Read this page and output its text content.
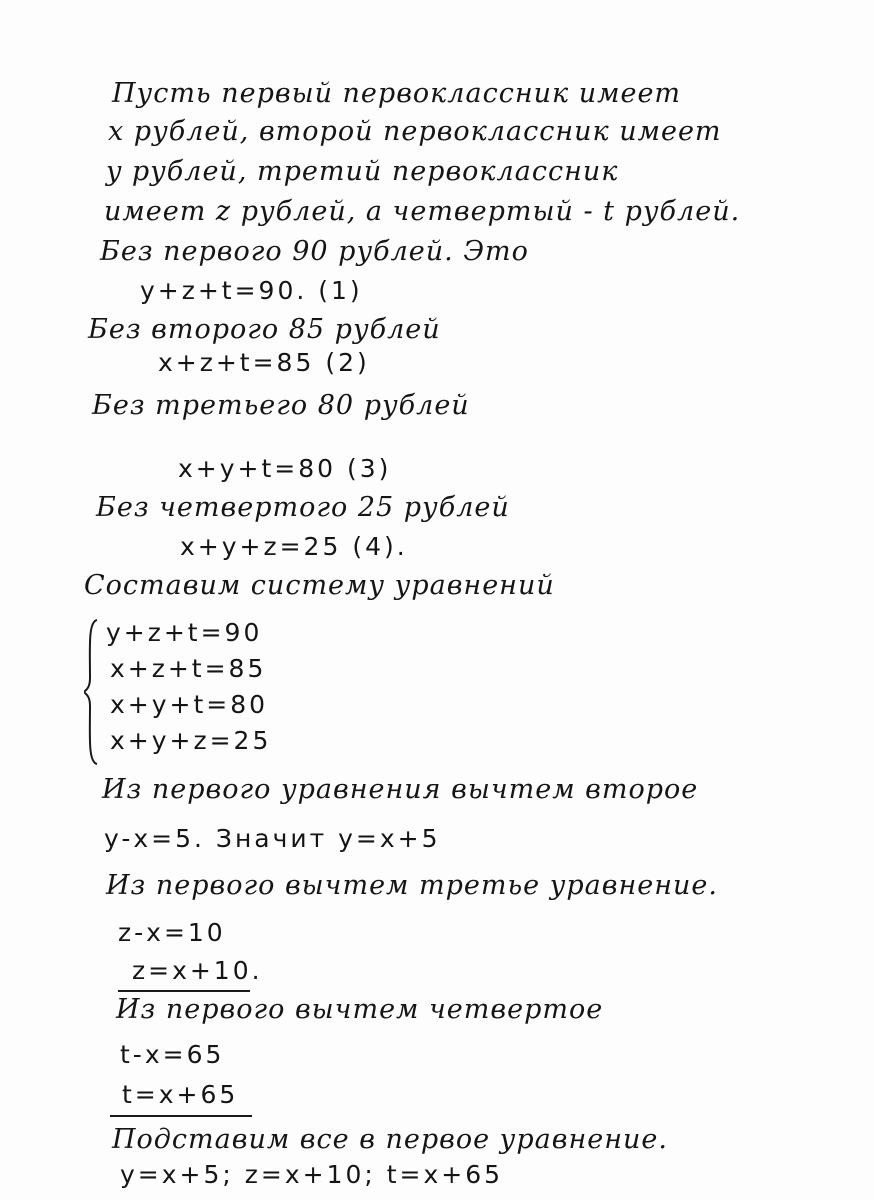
Пусть первый первоклассник имеет
x рублей, второй первоклассник имеет
y рублей, третий первоклассник
имеет z рублей, а четвертый - t рублей.
Без первого 90 рублей. Это
y+z+t=90. (1)
Без второго 85 рублей
x+z+t=85 (2)
Без третьего 80 рублей
x+y+t=80 (3)
Без четвертого 25 рублей
x+y+z=25 (4).
Составим систему уравнений
y+z+t=90
x+z+t=85
x+y+t=80
x+y+z=25
Из первого уравнения вычтем второе
y-x=5. Значит y=x+5
Из первого вычтем третье уравнение.
z-x=10
z=x+10.
Из первого вычтем четвертое
t-x=65
t=x+65
Подставим все в первое уравнение.
y=x+5; z=x+10; t=x+65
